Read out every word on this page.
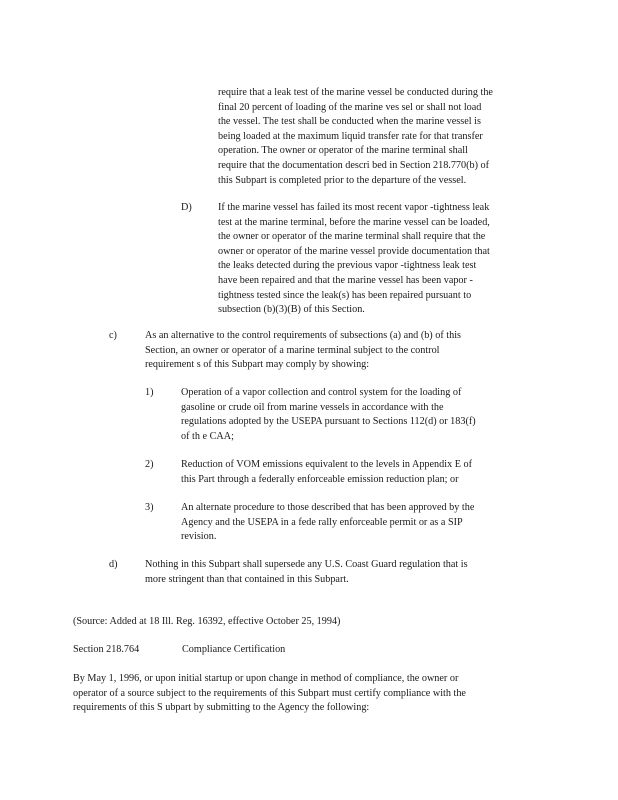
require that a leak test of the marine vessel be conducted during the
final 20 percent of loading of the marine ves sel or shall not load
the vessel. The test shall be conducted when the marine vessel is
being loaded at the maximum liquid transfer rate for that transfer
operation. The owner or operator of the marine terminal shall
require that the documentation descri bed in Section 218.770(b) of
this Subpart is completed prior to the departure of the vessel.
D)	If the marine vessel has failed its most recent vapor -tightness leak
test at the marine terminal, before the marine vessel can be loaded,
the owner or operator of the marine terminal shall require that the
owner or operator of the marine vessel provide documentation that
the leaks detected during the previous vapor -tightness leak test
have been repaired and that the marine vessel has been vapor -
tightness tested since the leak(s) has been repaired pursuant to
subsection (b)(3)(B) of this Section.
c)	As an alternative to the control requirements of subsections (a) and (b) of this
Section, an owner or operator of a marine terminal subject to the control
requirement s of this Subpart may comply by showing:
1)	Operation of a vapor collection and control system for the loading of
gasoline or crude oil from marine vessels in accordance with the
regulations adopted by the USEPA pursuant to Sections 112(d) or 183(f)
of th e CAA;
2)	Reduction of VOM emissions equivalent to the levels in Appendix E of
this Part through a federally enforceable emission reduction plan; or
3)	An alternate procedure to those described that has been approved by the
Agency and the USEPA in a fede rally enforceable permit or as a SIP
revision.
d)	Nothing in this Subpart shall supersede any U.S. Coast Guard regulation that is
more stringent than that contained in this Subpart.
(Source: Added at 18 Ill. Reg. 16392, effective October 25, 1994)
Section 218.764	Compliance Certification
By May 1, 1996, or upon initial startup or upon change in method of compliance, the owner or
operator of a source subject to the requirements of this Subpart must certify compliance with the
requirements of this S ubpart by submitting to the Agency the following:
